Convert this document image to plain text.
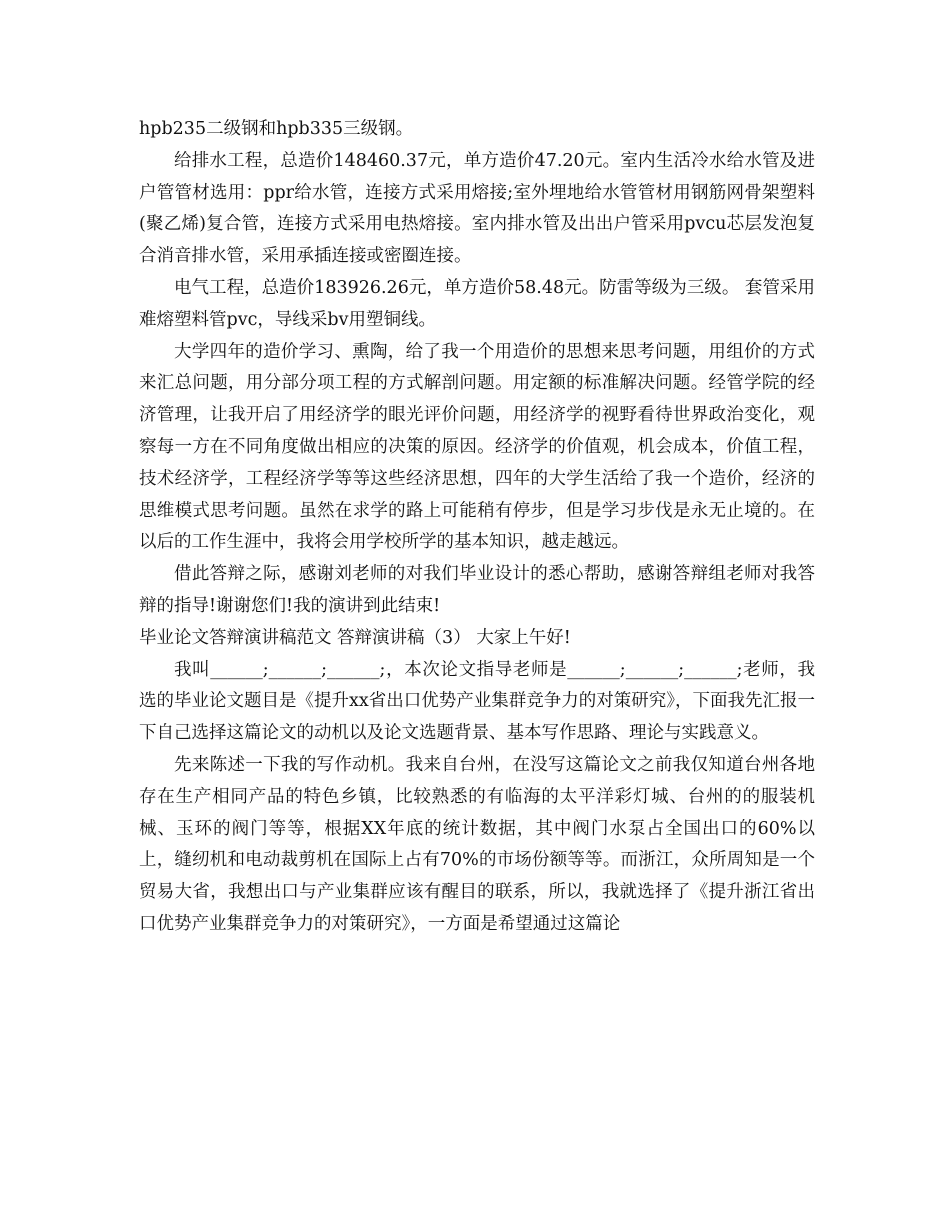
hpb235二级钢和hpb335三级钢。

给排水工程，总造价148460.37元，单方造价47.20元。室内生活冷水给水管及进户管管材选用：ppr给水管，连接方式采用熔接;室外埋地给水管管材用钢筋网骨架塑料(聚乙烯)复合管，连接方式采用电热熔接。室内排水管及出出户管采用pvcu芯层发泡复合消音排水管，采用承插连接或密圈连接。

电气工程，总造价183926.26元，单方造价58.48元。防雷等级为三级。 套管采用难熔塑料管pvc，导线采bv用塑铜线。

大学四年的造价学习、熏陶，给了我一个用造价的思想来思考问题，用组价的方式来汇总问题，用分部分项工程的方式解剖问题。用定额的标准解决问题。经管学院的经济管理，让我开启了用经济学的眼光评价问题，用经济学的视野看待世界政治变化，观察每一方在不同角度做出相应的决策的原因。经济学的价值观，机会成本，价值工程，技术经济学，工程经济学等等这些经济思想，四年的大学生活给了我一个造价，经济的思维模式思考问题。虽然在求学的路上可能稍有停步，但是学习步伐是永无止境的。在以后的工作生涯中，我将会用学校所学的基本知识，越走越远。

借此答辩之际，感谢刘老师的对我们毕业设计的悉心帮助，感谢答辩组老师对我答辩的指导!谢谢您们!我的演讲到此结束!

毕业论文答辩演讲稿范文 答辩演讲稿（3） 大家上午好!

我叫______;______;______;，本次论文指导老师是______;______;______;老师，我选的毕业论文题目是《提升xx省出口优势产业集群竞争力的对策研究》，下面我先汇报一下自己选择这篇论文的动机以及论文选题背景、基本写作思路、理论与实践意义。

先来陈述一下我的写作动机。我来自台州，在没写这篇论文之前我仅知道台州各地存在生产相同产品的特色乡镇，比较熟悉的有临海的太平洋彩灯城、台州的的服装机械、玉环的阀门等等，根据XX年底的统计数据，其中阀门水泵占全国出口的60%以上，缝纫机和电动裁剪机在国际上占有70%的市场份额等等。而浙江，众所周知是一个贸易大省，我想出口与产业集群应该有醒目的联系，所以，我就选择了《提升浙江省出口优势产业集群竞争力的对策研究》，一方面是希望通过这篇论
